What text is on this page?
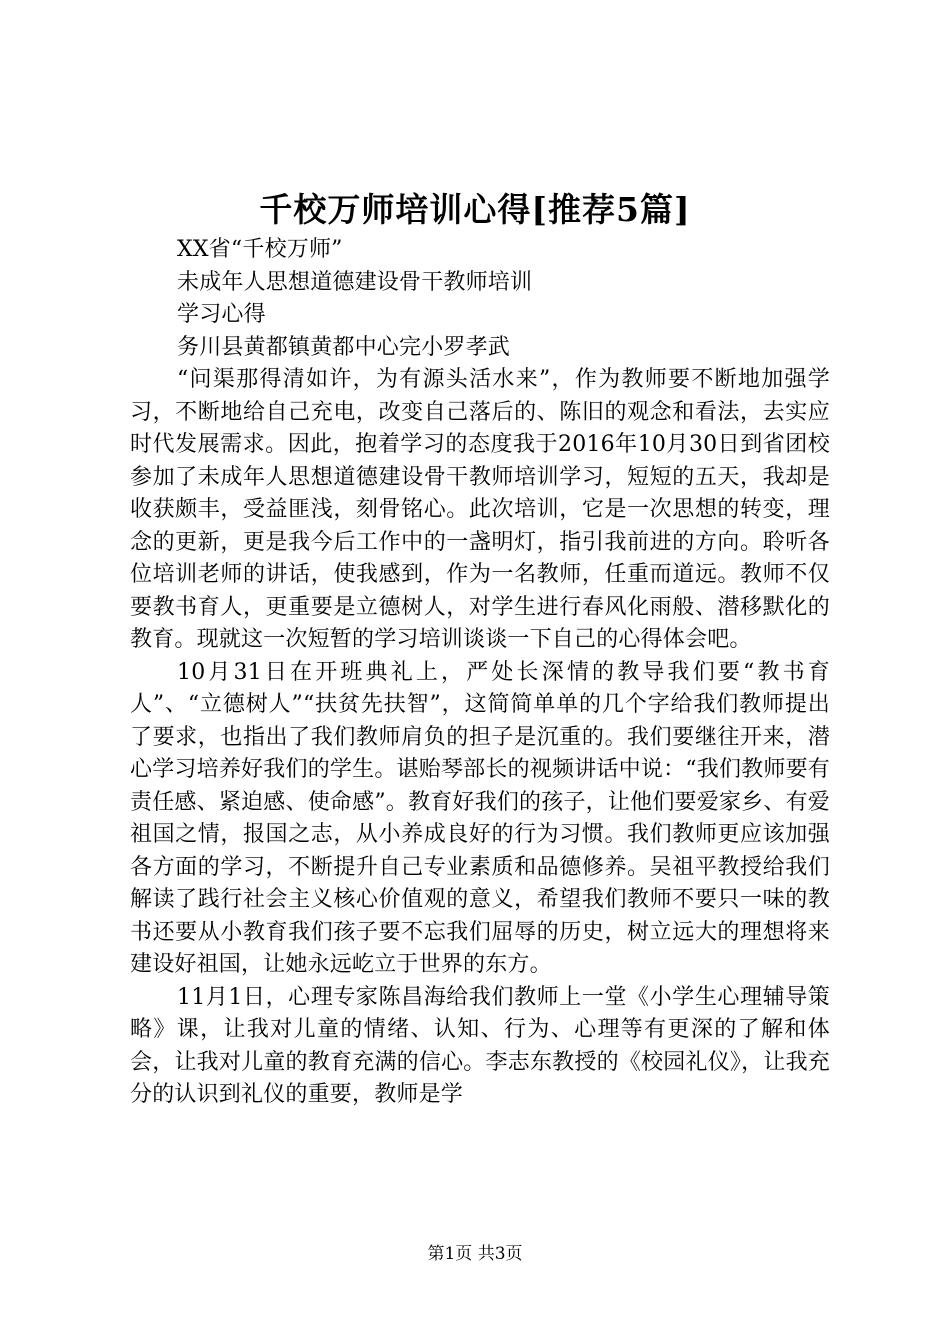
千校万师培训心得[推荐5篇]

XX省“千校万师”

未成年人思想道德建设骨干教师培训

学习心得

务川县黄都镇黄都中心完小罗孝武

“问渠那得清如许，为有源头活水来”，作为教师要不断地加强学习，不断地给自己充电，改变自己落后的、陈旧的观念和看法，去实应时代发展需求。因此，抱着学习的态度我于2016年10月30日到省团校参加了未成年人思想道德建设骨干教师培训学习，短短的五天，我却是收获颇丰，受益匪浅，刻骨铭心。此次培训，它是一次思想的转变，理念的更新，更是我今后工作中的一盏明灯，指引我前进的方向。聆听各位培训老师的讲话，使我感到，作为一名教师，任重而道远。教师不仅要教书育人，更重要是立德树人，对学生进行春风化雨般、潜移默化的教育。现就这一次短暂的学习培训谈谈一下自己的心得体会吧。

10月31日在开班典礼上，严处长深情的教导我们要“教书育人”、“立德树人”“扶贫先扶智”，这简简单单的几个字给我们教师提出了要求，也指出了我们教师肩负的担子是沉重的。我们要继往开来，潜心学习培养好我们的学生。谌贻琴部长的视频讲话中说：“我们教师要有责任感、紧迫感、使命感”。教育好我们的孩子，让他们要爱家乡、有爱祖国之情，报国之志，从小养成良好的行为习惯。我们教师更应该加强各方面的学习，不断提升自己专业素质和品德修养。吴祖平教授给我们解读了践行社会主义核心价值观的意义，希望我们教师不要只一味的教书还要从小教育我们孩子要不忘我们屈辱的历史，树立远大的理想将来建设好祖国，让她永远屹立于世界的东方。

11月1日，心理专家陈昌海给我们教师上一堂《小学生心理辅导策略》课，让我对儿童的情绪、认知、行为、心理等有更深的了解和体会，让我对儿童的教育充满的信心。李志东教授的《校园礼仪》，让我充分的认识到礼仪的重要，教师是学

第1页 共3页
